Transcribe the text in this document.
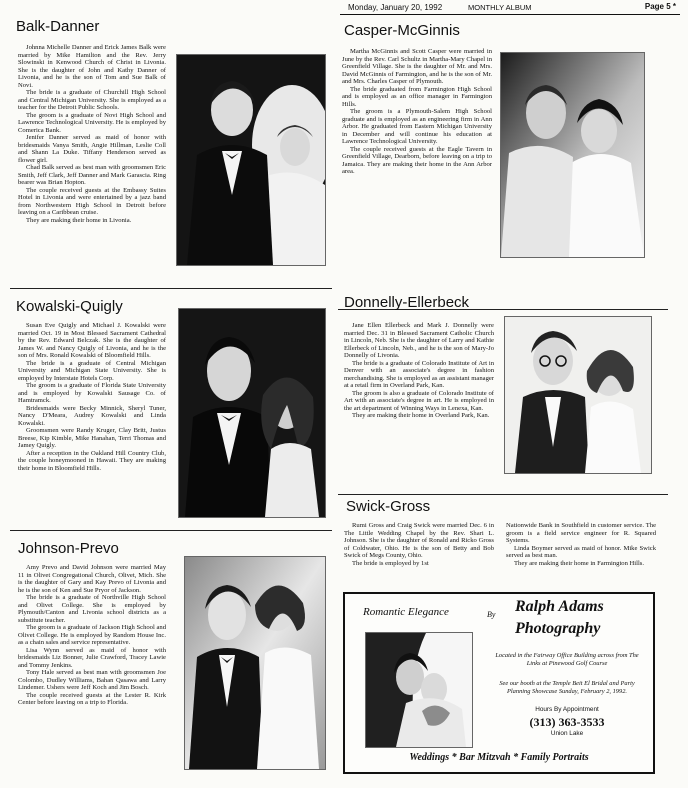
Monday, January 20, 1992	MONTHLY ALBUM	Page 5 *
Balk-Danner

Johnna Michelle Danner and Erick James Balk were married by Mike Hamilton and the Rev. Jerry Slowinski in Kenwood Church of Christ in Livonia. She is the daughter of John and Kathy Danner of Livonia, and he is the son of Tom and Sue Balk of Novi.

The bride is a graduate of Churchill High School and Central Michigan University. She is employed as a teacher for the Detroit Public Schools.

The groom is a graduate of Novi High School and Lawrence Technological University. He is employed by Comerica Bank.

Jenifer Danner served as maid of honor with bridesmaids Vanya Smith, Angie Hillman, Leslie Coll and Shann La Duke. Tiffany Henderson served as flower girl.

Chad Balk served as best man with groomsmen Eric Smith, Jeff Clark, Jeff Danner and Mark Garascia. Ring bearer was Brian Hopton.

The couple received guests at the Embassy Suites Hotel in Livonia and were entertained by a jazz band from Northwestern High School in Detroit before leaving on a Caribbean cruise.

They are making their home in Livonia.

Casper-McGinnis

Martha McGinnis and Scott Casper were married in June by the Rev. Carl Schultz in Martha-Mary Chapel in Greenfield Village. She is the daughter of Mr. and Mrs. David McGinnis of Farmington, and he is the son of Mr. and Mrs. Charles Casper of Plymouth.

The bride graduated from Farmington High School and is employed as an office manager in Farmington Hills.

The groom is a Plymouth-Salem High School graduate and is employed as an engineering firm in Ann Arbor. He graduated from Eastern Michigan University in December and will continue his education at Lawrence Technological University.

The couple received guests at the Eagle Tavern in Greenfield Village, Dearborn, before leaving on a trip to Jamaica. They are making their home in the Ann Arbor area.

Kowalski-Quigly

Susan Eve Quigly and Michael J. Kowalski were married Oct. 19 in Most Blessed Sacrament Cathedral by the Rev. Edward Belczak. She is the daughter of James W. and Nancy Quigly of Livonia, and he is the son of Mrs. Ronald Kowalski of Bloomfield Hills.

The bride is a graduate of Central Michigan University and Michigan State University. She is employed by Interstate Hotels Corp.

The groom is a graduate of Florida State University and is employed by Kowalski Sausage Co. of Hamtramck.

Bridesmaids were Becky Minnick, Sheryl Tuner, Nancy D'Meara, Audrey Kowalski and Linda Kowalski.

Groomsmen were Randy Kruger, Clay Britt, Justus Breese, Kip Kimble, Mike Hanahan, Terri Thomas and Jamey Quigly.

After a reception in the Oakland Hill Country Club, the couple honeymooned in Hawaii. They are making their home in Bloomfield Hills.

Donnelly-Ellerbeck

Jane Ellen Ellerbeck and Mark J. Donnelly were married Dec. 31 in Blessed Sacrament Catholic Church in Lincoln, Neb. She is the daughter of Larry and Kathie Ellerbeck of Lincoln, Neb., and he is the son of Mary-Jo Donnelly of Livonia.

The bride is a graduate of Colorado Institute of Art in Denver with an associate's degree in fashion merchandising. She is employed as an assistant manager at a retail firm in Overland Park, Kan.

The groom is also a graduate of Colorado Institute of Art with an associate's degree in art. He is employed in the art department of Winning Ways in Lenexa, Kan.

They are making their home in Overland Park, Kan.

Swick-Gross

Rumi Gross and Craig Swick were married Dec. 6 in The Little Wedding Chapel by the Rev. Shari L. Johnson. She is the daughter of Ronald and Ricko Gross of Coldwater, Ohio. He is the son of Betty and Bob Swick of Megs County, Ohio.

The bride is employed by 1st

Nationwide Bank in Southfield in customer service. The groom is a field service engineer for R. Squared Systems.

Linda Boymer served as maid of honor. Mike Swick served as best man.

They are making their home in Farmington Hills.

Johnson-Prevo

Amy Prevo and David Johnson were married May 11 in Olivet Congregational Church, Olivet, Mich. She is the daughter of Gary and Kay Prevo of Livonia and he is the son of Ken and Sue Pryor of Jackson.

The bride is a graduate of Northville High School and Olivet College. She is employed by Plymouth/Canton and Livonia school districts as a substitute teacher.

The groom is a graduate of Jackson High School and Olivet College. He is employed by Random House Inc. as a chain sales and service representative.

Lisa Wynn served as maid of honor with bridesmaids Liz Bonner, Julie Crawford, Tracey Lawie and Tommy Jenkins.

Tony Hale served as best man with groomsmen Joe Colombo, Dudley Williams, Bahan Qasawa and Larry Lindemer. Ushers were Jeff Koch and Jim Bosch.

The couple received guests at the Lester R. Kirk Center before leaving on a trip to Florida.

Romantic Elegance	By Ralph Adams
Photography
Located in the Fairway Office Building across from The Links at Pinewood Golf Course
See our booth at the Temple Beit El Bridal and Party Planning Showcase Sunday, February 2, 1992.
Hours By Appointment
(313) 363-3533
Union Lake
Weddings * Bar Mitzvah * Family Portraits
